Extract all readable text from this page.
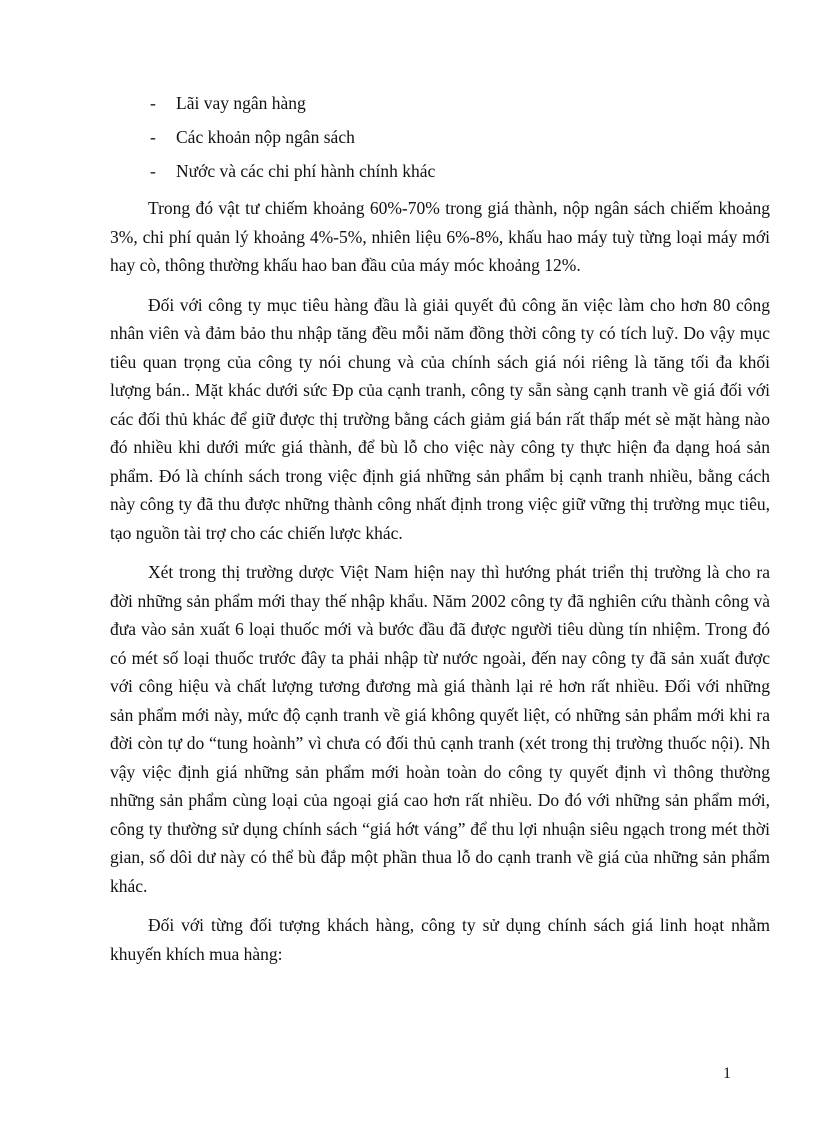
-	Lãi vay ngân hàng
-	Các khoản nộp ngân sách
-	Nước và các chi phí hành chính khác

Trong đó vật tư chiếm khoảng 60%-70% trong giá thành, nộp ngân sách chiếm khoảng 3%, chi phí quản lý khoảng 4%-5%, nhiên liệu 6%-8%, khấu hao máy tuỳ từng loại máy mới hay cò, thông thường khấu hao ban đầu của máy móc khoảng 12%.

Đối với công ty mục tiêu hàng đầu là giải quyết đủ công ăn việc làm cho hơn 80 công nhân viên và đảm bảo thu nhập tăng đều mỗi năm đồng thời công ty có tích luỹ. Do vậy mục tiêu quan trọng của công ty nói chung và của chính sách giá nói riêng là tăng tối đa khối lượng bán.. Mặt khác dưới sức Đp của cạnh tranh, công ty sẵn sàng cạnh tranh về giá đối với các đối thủ khác để giữ được thị trường bằng cách giảm giá bán rất thấp mét sè mặt hàng nào đó nhiều khi dưới mức giá thành, để bù lỗ cho việc này công ty thực hiện đa dạng hoá sản phẩm. Đó là chính sách trong việc định giá những sản phẩm bị cạnh tranh nhiều, bằng cách này công ty đã thu được những thành công nhất định trong việc giữ vững thị trường mục tiêu, tạo nguồn tài trợ cho các chiến lược khác.

Xét trong thị trường dược Việt Nam hiện nay thì hướng phát triển thị trường là cho ra đời những sản phẩm mới thay thế nhập khẩu. Năm 2002 công ty đã nghiên cứu thành công và đưa vào sản xuất 6 loại thuốc mới và bước đầu đã được người tiêu dùng tín nhiệm. Trong đó có mét số loại thuốc trước đây ta phải nhập từ nước ngoài, đến nay công ty đã sản xuất được với công hiệu và chất lượng tương đương mà giá thành lại rẻ hơn rất nhiều. Đối với những sản phẩm mới này, mức độ cạnh tranh về giá không quyết liệt, có những sản phẩm mới khi ra đời còn tự do “tung hoành” vì chưa có đối thủ cạnh tranh (xét trong thị trường thuốc nội). Nh vậy việc định giá những sản phẩm mới hoàn toàn do công ty quyết định vì thông thường những sản phẩm cùng loại của ngoại giá cao hơn rất nhiều. Do đó với những sản phẩm mới, công ty thường sử dụng chính sách “giá hớt váng” để thu lợi nhuận siêu ngạch trong mét thời gian, số dôi dư này có thể bù đắp một phần thua lỗ do cạnh tranh về giá của những sản phẩm khác.

Đối với từng đối tượng khách hàng, công ty sử dụng chính sách giá linh hoạt nhằm khuyến khích mua hàng:

1
